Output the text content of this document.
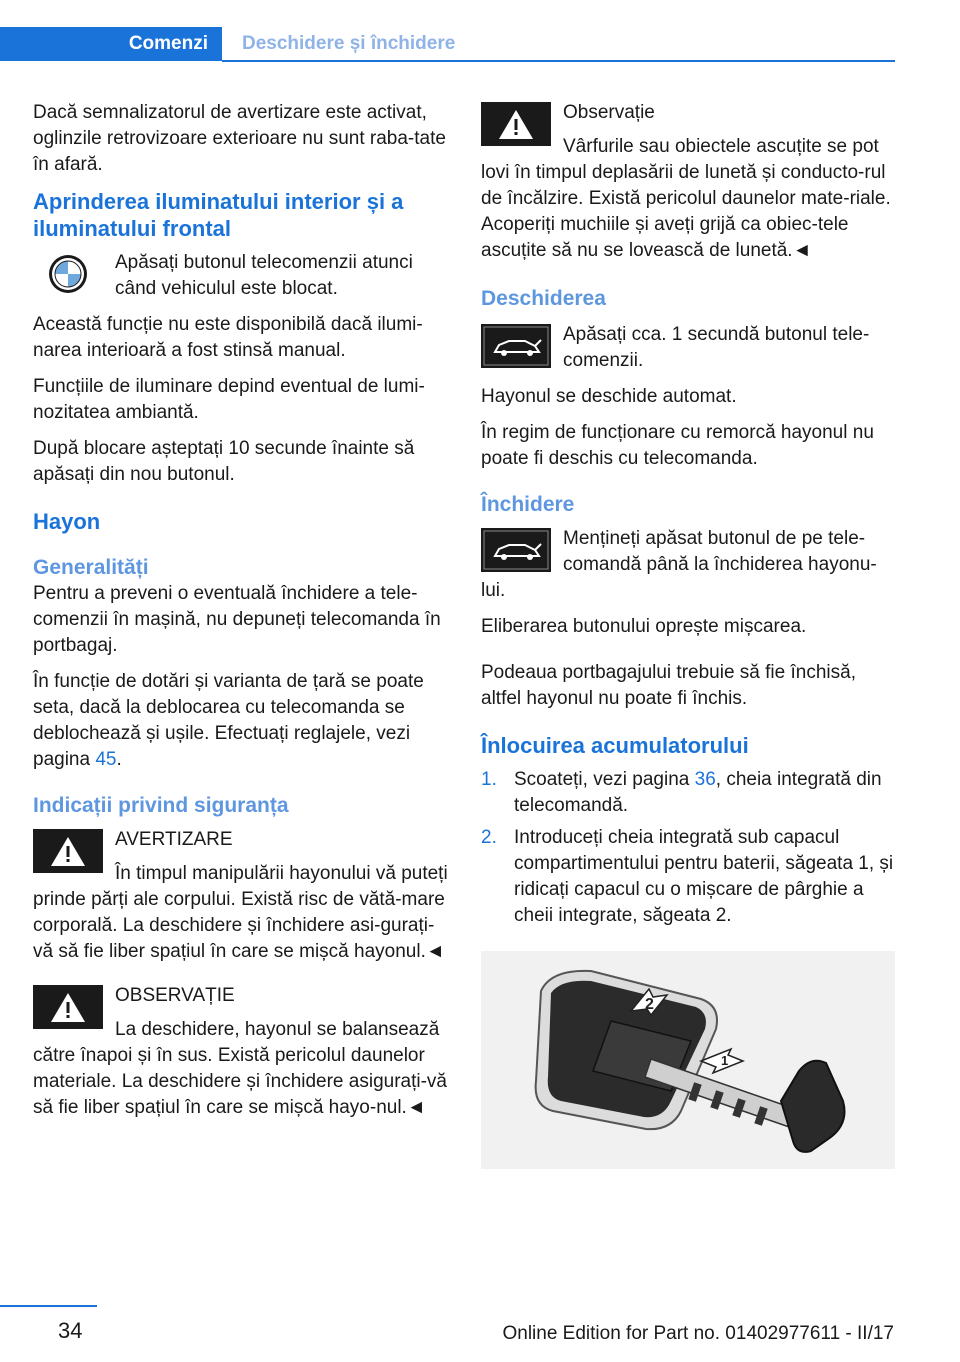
Comenzi	Deschidere și închidere

Dacă semnalizatorul de avertizare este activat, oglinzile retrovizoare exterioare nu sunt raba-tate în afară.

Aprinderea iluminatului interior și a iluminatului frontal

Apăsați butonul telecomenzii atunci când vehiculul este blocat.

Această funcție nu este disponibilă dacă ilumi-narea interioară a fost stinsă manual.

Funcțiile de iluminare depind eventual de lumi-nozitatea ambiantă.

După blocare așteptați 10 secunde înainte să apăsați din nou butonul.

Hayon
Generalități

Pentru a preveni o eventuală închidere a tele-comenzii în mașină, nu depuneți telecomanda în portbagaj.

În funcție de dotări și varianta de țară se poate seta, dacă la deblocarea cu telecomanda se deblochează și ușile. Efectuați reglajele, vezi pagina 45.

Indicații privind siguranța
AVERTIZARE
În timpul manipulării hayonului vă puteți prinde părți ale corpului. Există risc de vătă-mare corporală. La deschidere și închidere asi-gurați-vă să fie liber spațiul în care se mișcă hayonul.◄
OBSERVAȚIE
La deschidere, hayonul se balansează către înapoi și în sus. Există pericolul daunelor materiale. La deschidere și închidere asigurați-vă să fie liber spațiul în care se mișcă hayo-nul.◄
Observație
Vârfurile sau obiectele ascuțite se pot lovi în timpul deplasării de lunetă și conducto-rul de încălzire. Există pericolul daunelor mate-riale. Acoperiți muchiile și aveți grijă ca obiec-tele ascuțite să nu se lovească de lunetă.◄
Deschiderea

Apăsați cca. 1 secundă butonul tele-comenzii.

Hayonul se deschide automat.

În regim de funcționare cu remorcă hayonul nu poate fi deschis cu telecomanda.

Închidere

Mențineți apăsat butonul de pe tele-comandă până la închiderea hayonu-lui.

Eliberarea butonului oprește mișcarea.

Podeaua portbagajului trebuie să fie închisă, altfel hayonul nu poate fi închis.

Înlocuirea acumulatorului
1. Scoateți, vezi pagina 36, cheia integrată din telecomandă.
2. Introduceți cheia integrată sub capacul compartimentului pentru baterii, săgeata 1, și ridicați capacul cu o mișcare de pârghie a cheii integrate, săgeata 2.
1
2
34	Online Edition for Part no. 01402977611 - II/17
